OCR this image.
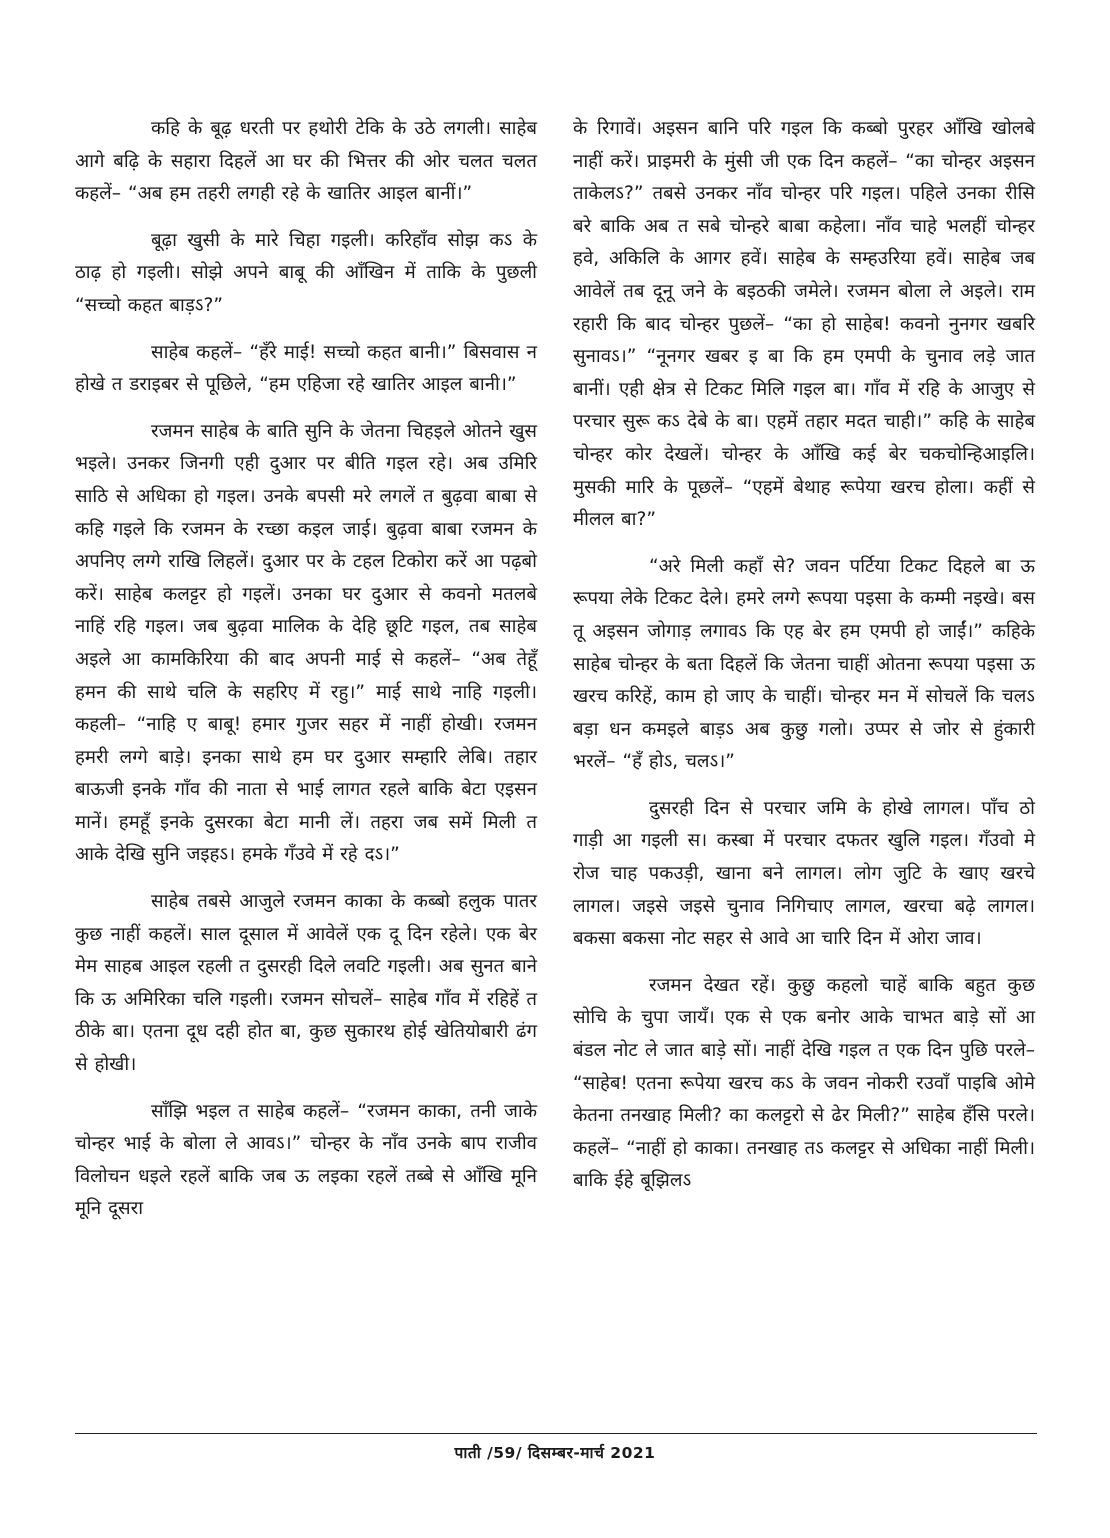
कहि के बूढ़ धरती पर हथोरी टेकि के उठे लगली। साहेब आगे बढ़ि के सहारा दिहलें आ घर की भित्तर की ओर चलत चलत कहलें– “अब हम तहरी लगही रहे के खातिर आइल बानीं।”

बूढ़ा खुसी के मारे चिहा गइली। करिहाँव सोझ कऽ के ठाढ़ हो गइली। सोझे अपने बाबू की आँखिन में ताकि के पुछली “सच्चो कहत बाड़ऽ?”

साहेब कहलें– “हँरे माई! सच्चो कहत बानी।” बिसवास न होखे त डराइबर से पूछिले, “हम एहिजा रहे खातिर आइल बानी।”

रजमन साहेब के बाति सुनि के जेतना चिहइले ओतने खुस भइले। उनकर जिनगी एही दुआर पर बीति गइल रहे। अब उमिरि साठि से अधिका हो गइल। उनके बपसी मरे लगलें त बुढ़वा बाबा से कहि गइले कि रजमन के रच्छा कइल जाई। बुढ़वा बाबा रजमन के अपनिए लग्गे राखि लिहलें। दुआर पर के टहल टिकोरा करें आ पढ़बो करें। साहेब कलट्टर हो गइलें। उनका घर दुआर से कवनो मतलबे नाहिं रहि गइल। जब बुढ़वा मालिक के देहि छूटि गइल, तब साहेब अइले आ कामकिरिया की बाद अपनी माई से कहलें– “अब तेहूँ हमन की साथे चलि के सहरिए में रहु।” माई साथे नाहि गइली। कहली– “नाहि ए बाबू! हमार गुजर सहर में नाहीं होखी। रजमन हमरी लग्गे बाड़े। इनका साथे हम घर दुआर सम्हारि लेबि। तहार बाऊजी इनके गाँव की नाता से भाई लागत रहले बाकि बेटा एइसन मानें। हमहूँ इनके दुसरका बेटा मानी लें। तहरा जब समें मिली त आके देखि सुनि जइहऽ। हमके गँउवे में रहे दऽ।”

साहेब तबसे आजुले रजमन काका के कब्बो हलुक पातर कुछ नाहीं कहलें। साल दूसाल में आवेलें एक दू दिन रहेले। एक बेर मेम साहब आइल रहली त दुसरही दिले लवटि गइली। अब सुनत बाने कि ऊ अमिरिका चलि गइली। रजमन सोचलें– साहेब गाँव में रहिहें त ठीके बा। एतना दूध दही होत बा, कुछ सुकारथ होई खेतियोबारी ढंग से होखी।

साँझि भइल त साहेब कहलें– “रजमन काका, तनी जाके चोन्हर भाई के बोला ले आवऽ।” चोन्हर के नाँव उनके बाप राजीव विलोचन धइले रहलें बाकि जब ऊ लइका रहलें तब्बे से आँखि मूनि मूनि दूसरा

के रिगावें। अइसन बानि परि गइल कि कब्बो पुरहर आँखि खोलबे नाहीं करें। प्राइमरी के मुंसी जी एक दिन कहलें– “का चोन्हर अइसन ताकेलऽ?” तबसे उनकर नाँव चोन्हर परि गइल। पहिले उनका रीसि बरे बाकि अब त सबे चोन्हरे बाबा कहेला। नाँव चाहे भलहीं चोन्हर हवे, अकिलि के आगर हवें। साहेब के सम्हउरिया हवें। साहेब जब आवेलें तब दूनू जने के बइठकी जमेले। रजमन बोला ले अइले। राम रहारी कि बाद चोन्हर पुछलें– “का हो साहेब! कवनो नुनगर खबरि सुनावऽ।” “नूनगर खबर इ बा कि हम एमपी के चुनाव लड़े जात बानीं। एही क्षेत्र से टिकट मिलि गइल बा। गाँव में रहि के आजुए से परचार सुरू कऽ देबे के बा। एहमें तहार मदत चाही।” कहि के साहेब चोन्हर कोर देखलें। चोन्हर के आँखि कई बेर चकचोन्हिआइलि। मुसकी मारि के पूछलें– “एहमें बेथाह रूपेया खरच होला। कहीं से मीलल बा?”

“अरे मिली कहाँ से? जवन पर्टिया टिकट दिहले बा ऊ रूपया लेके टिकट देले। हमरे लग्गे रूपया पइसा के कम्मी नइखे। बस तू अइसन जोगाड़ लगावऽ कि एह बेर हम एमपी हो जाईं।” कहिके साहेब चोन्हर के बता दिहलें कि जेतना चाहीं ओतना रूपया पइसा ऊ खरच करिहें, काम हो जाए के चाहीं। चोन्हर मन में सोचलें कि चलऽ बड़ा धन कमइले बाड़ऽ अब कुछु गलो। उप्पर से जोर से हुंकारी भरलें– “हँ होऽ, चलऽ।”

दुसरही दिन से परचार जमि के होखे लागल। पाँच ठो गाड़ी आ गइली स। कस्बा में परचार दफतर खुलि गइल। गँउवो मे रोज चाह पकउड़ी, खाना बने लागल। लोग जुटि के खाए खरचे लागल। जइसे जइसे चुनाव निगिचाए लागल, खरचा बढ़े लागल। बकसा बकसा नोट सहर से आवे आ चारि दिन में ओरा जाव।

रजमन देखत रहें। कुछु कहलो चाहें बाकि बहुत कुछ सोचि के चुपा जायँ। एक से एक बनोर आके चाभत बाड़े सों आ बंडल नोट ले जात बाड़े सों। नाहीं देखि गइल त एक दिन पुछि परले– “साहेब! एतना रूपेया खरच कऽ के जवन नोकरी रउवाँ पाइबि ओमे केतना तनखाह मिली? का कलट्टरो से ढेर मिली?” साहेब हँसि परले। कहलें– “नाहीं हो काका। तनखाह तऽ कलट्टर से अधिका नाहीं मिली। बाकि ईहे बूझिलऽ

पाती /59/ दिसम्बर-मार्च 2021
